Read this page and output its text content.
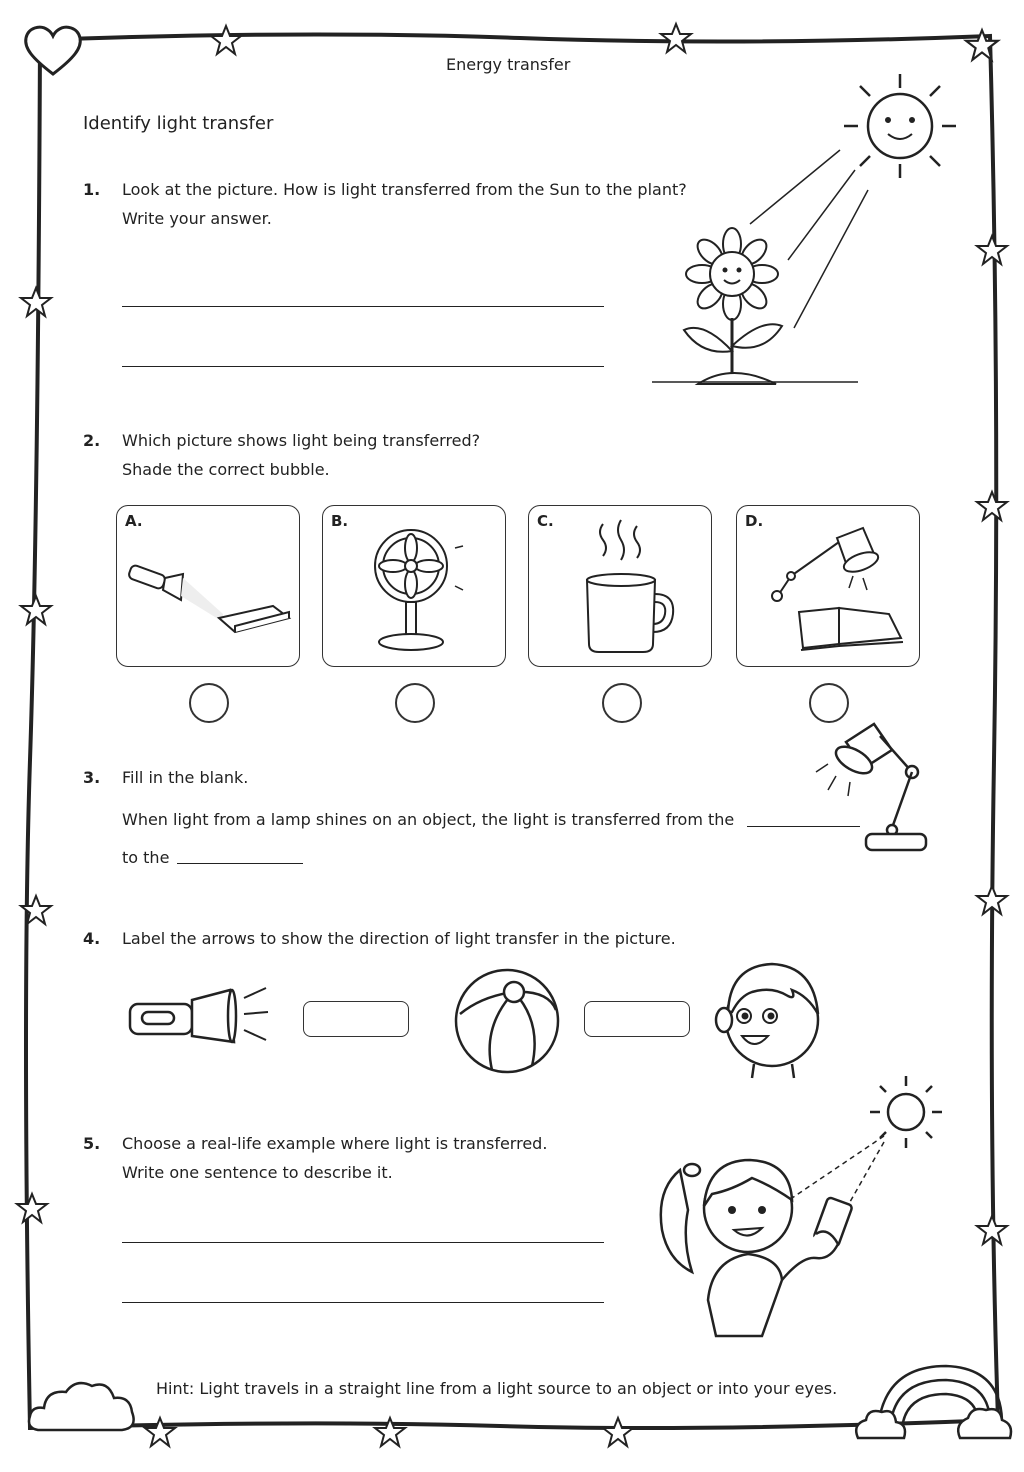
Energy transfer
Identify light transfer
1. Look at the picture. How is light transferred from the Sun to the plant?
Write your answer.
2. Which picture shows light being transferred?
Shade the correct bubble.
A.	B.	C.	D.
3. Fill in the blank.
When light from a lamp shines on an object, the light is transferred from the
to the
4. Label the arrows to show the direction of light transfer in the picture.
5. Choose a real-life example where light is transferred.
Write one sentence to describe it.
Hint: Light travels in a straight line from a light source to an object or into your eyes.
